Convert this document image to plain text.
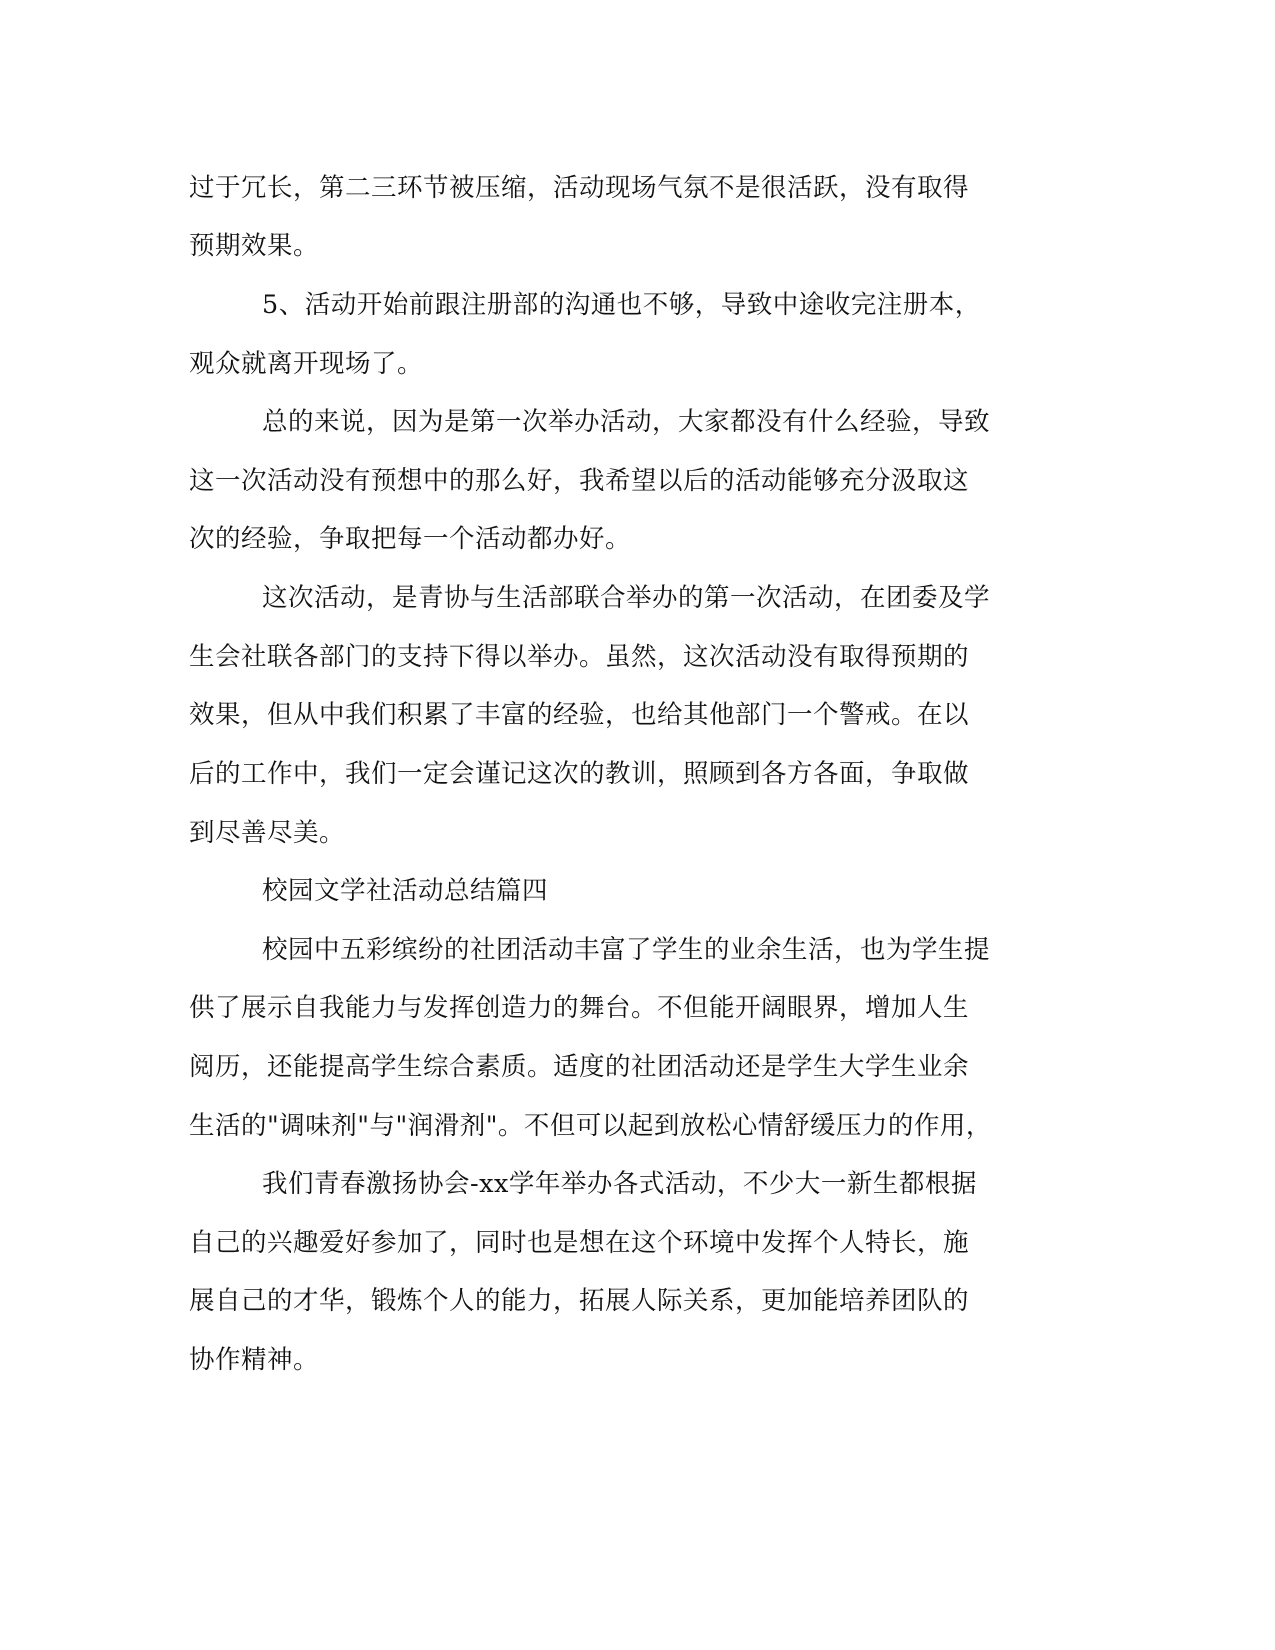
过于冗长，第二三环节被压缩，活动现场气氛不是很活跃，没有取得
预期效果。
5、活动开始前跟注册部的沟通也不够，导致中途收完注册本，
观众就离开现场了。
总的来说，因为是第一次举办活动，大家都没有什么经验，导致
这一次活动没有预想中的那么好，我希望以后的活动能够充分汲取这
次的经验，争取把每一个活动都办好。
这次活动，是青协与生活部联合举办的第一次活动，在团委及学
生会社联各部门的支持下得以举办。虽然，这次活动没有取得预期的
效果，但从中我们积累了丰富的经验，也给其他部门一个警戒。在以
后的工作中，我们一定会谨记这次的教训，照顾到各方各面，争取做
到尽善尽美。
校园文学社活动总结篇四
校园中五彩缤纷的社团活动丰富了学生的业余生活，也为学生提
供了展示自我能力与发挥创造力的舞台。不但能开阔眼界，增加人生
阅历，还能提高学生综合素质。适度的社团活动还是学生大学生业余
生活的"调味剂"与"润滑剂"。不但可以起到放松心情舒缓压力的作用，
我们青春激扬协会-xx学年举办各式活动，不少大一新生都根据
自己的兴趣爱好参加了，同时也是想在这个环境中发挥个人特长，施
展自己的才华，锻炼个人的能力，拓展人际关系，更加能培养团队的
协作精神。
